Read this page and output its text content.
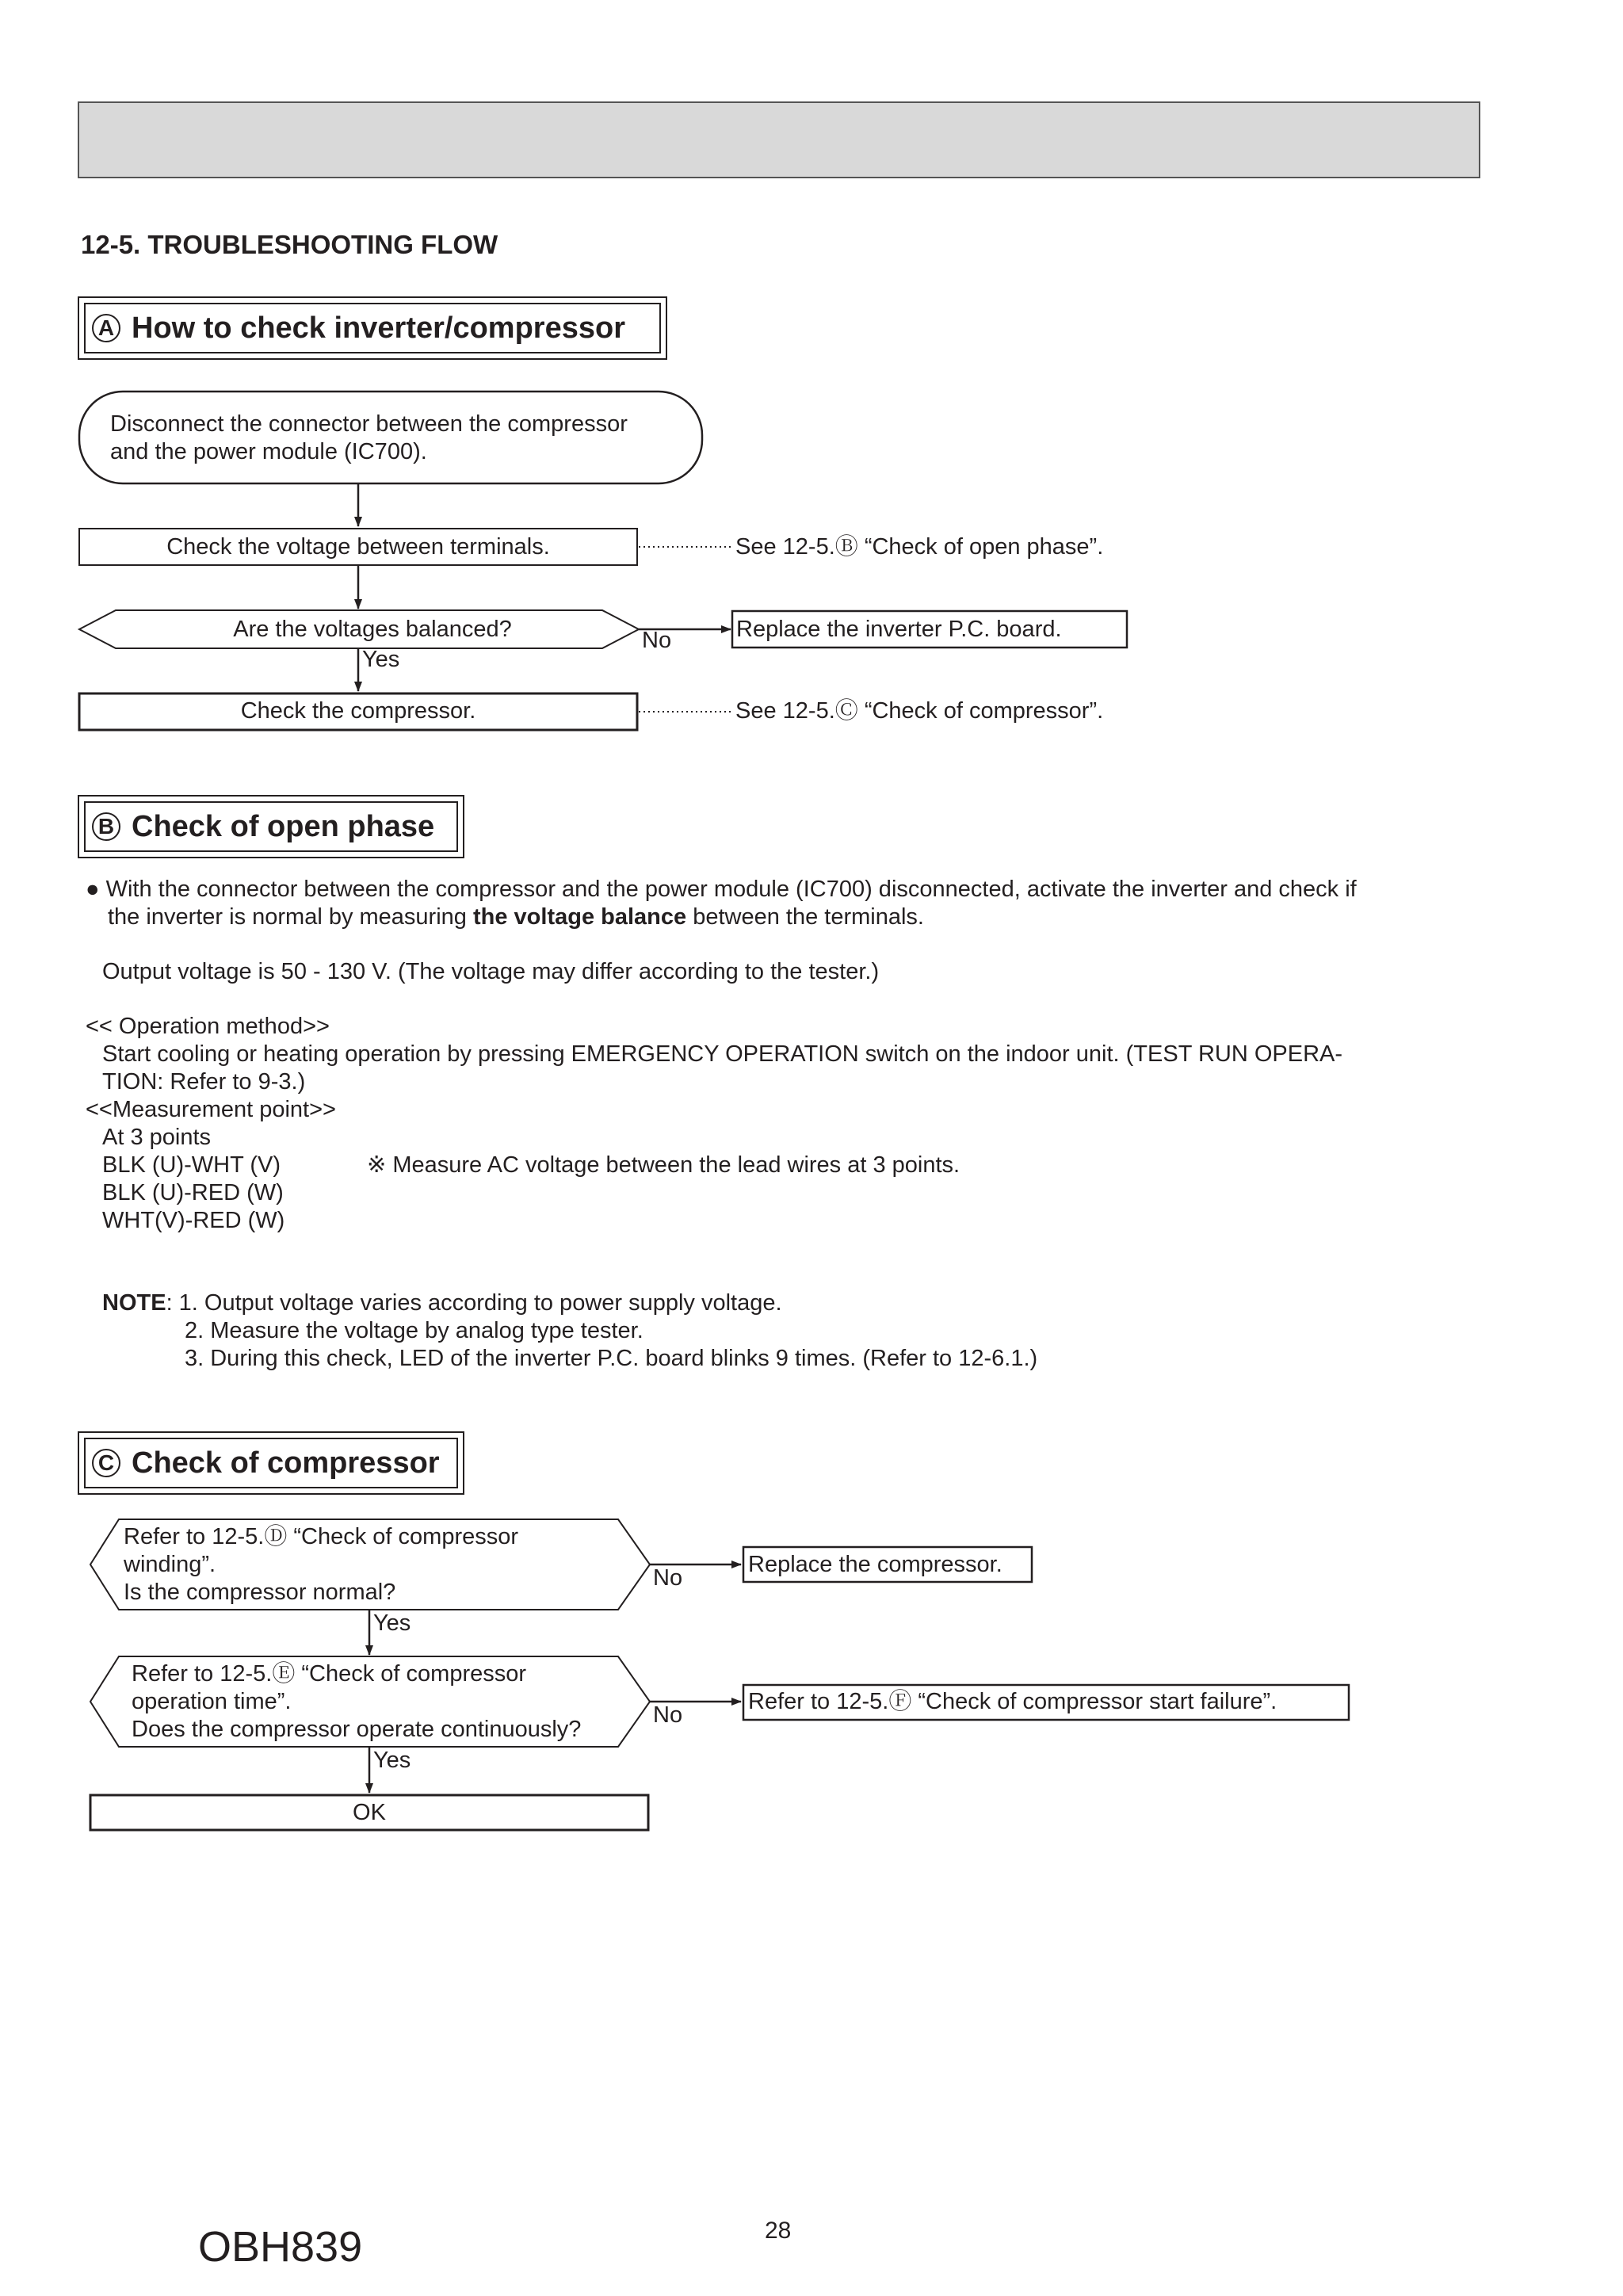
12-5. TROUBLESHOOTING FLOW
A How to check inverter/compressor
Disconnect the connector between the compressor
and the power module (IC700).
Check the voltage between terminals.	See 12-5.Ⓑ “Check of open phase”.
Are the voltages balanced?	No	Replace the inverter P.C. board.
Yes
Check the compressor.	See 12-5.Ⓒ “Check of compressor”.
B Check of open phase
● With the connector between the compressor and the power module (IC700) disconnected, activate the inverter and check if
the inverter is normal by measuring the voltage balance between the terminals.
Output voltage is 50 - 130 V. (The voltage may differ according to the tester.)
<< Operation method>>
Start cooling or heating operation by pressing EMERGENCY OPERATION switch on the indoor unit. (TEST RUN OPERA-
TION: Refer to 9-3.)
<<Measurement point>>
At 3 points
BLK (U)-WHT (V)
BLK (U)-RED (W)
WHT(V)-RED (W)
※ Measure AC voltage between the lead wires at 3 points.
NOTE: 1. Output voltage varies according to power supply voltage.
2. Measure the voltage by analog type tester.
3. During this check, LED of the inverter P.C. board blinks 9 times. (Refer to 12-6.1.)
C Check of compressor
Refer to 12-5.Ⓓ “Check of compressor
winding”.
Is the compressor normal?
No
Replace the compressor.
Yes
Refer to 12-5.Ⓔ “Check of compressor
operation time”.
Does the compressor operate continuously?
No
Refer to 12-5.Ⓕ “Check of compressor start failure”.
Yes
OK
28
OBH839
